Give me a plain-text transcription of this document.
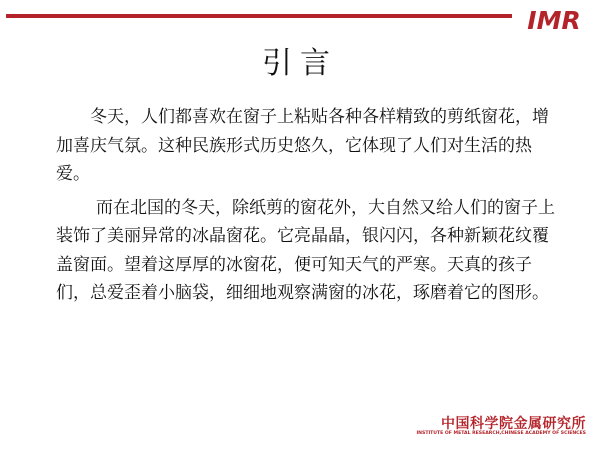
IMR
引言

冬天，人们都喜欢在窗子上粘贴各种各样精致的剪纸窗花，增加喜庆气氛。这种民族形式历史悠久，它体现了人们对生活的热爱。

而在北国的冬天，除纸剪的窗花外，大自然又给人们的窗子上装饰了美丽异常的冰晶窗花。它亮晶晶，银闪闪，各种新颖花纹覆盖窗面。望着这厚厚的冰窗花，便可知天气的严寒。天真的孩子们，总爱歪着小脑袋，细细地观察满窗的冰花，琢磨着它的图形。

中国科学院金属研究所
INSTITUTE OF METAL RESEARCH,CHINESE ACADEMY OF SCIENCES
